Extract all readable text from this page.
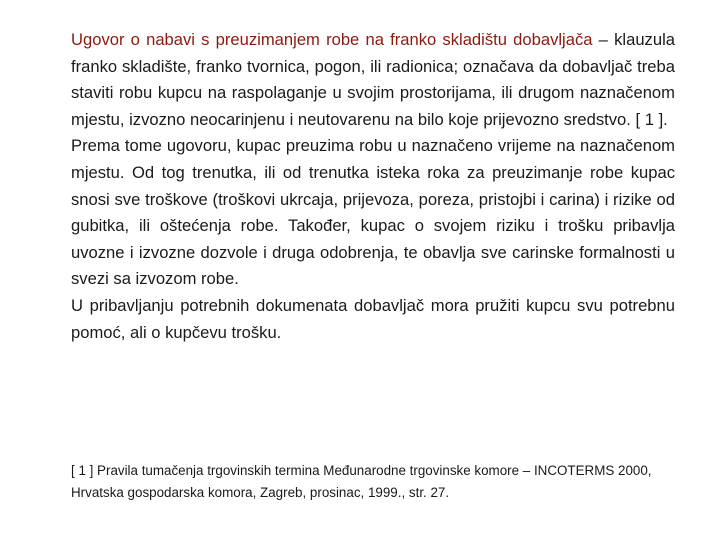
Ugovor o nabavi s preuzimanjem robe na franko skladištu dobavljača – klauzula franko skladište, franko tvornica, pogon, ili radionica; označava da dobavljač treba staviti robu kupcu na raspolaganje u svojim prostorijama, ili drugom naznačenom mjestu, izvozno neocarinjenu i neutovarenu na bilo koje prijevozno sredstvo. [ 1 ].

Prema tome ugovoru, kupac preuzima robu u naznačeno vrijeme na naznačenom mjestu. Od tog trenutka, ili od trenutka isteka roka za preuzimanje robe kupac snosi sve troškove (troškovi ukrcaja, prijevoza, poreza, pristojbi i carina) i rizike od gubitka, ili oštećenja robe. Također, kupac o svojem riziku i trošku pribavlja uvozne i izvozne dozvole i druga odobrenja, te obavlja sve carinske formalnosti u svezi sa izvozom robe.

U pribavljanju potrebnih dokumenata dobavljač mora pružiti kupcu svu potrebnu pomoć, ali o kupčevu trošku.

[ 1 ] Pravila tumačenja trgovinskih termina Međunarodne trgovinske komore – INCOTERMS 2000, Hrvatska gospodarska komora, Zagreb, prosinac, 1999., str. 27.
